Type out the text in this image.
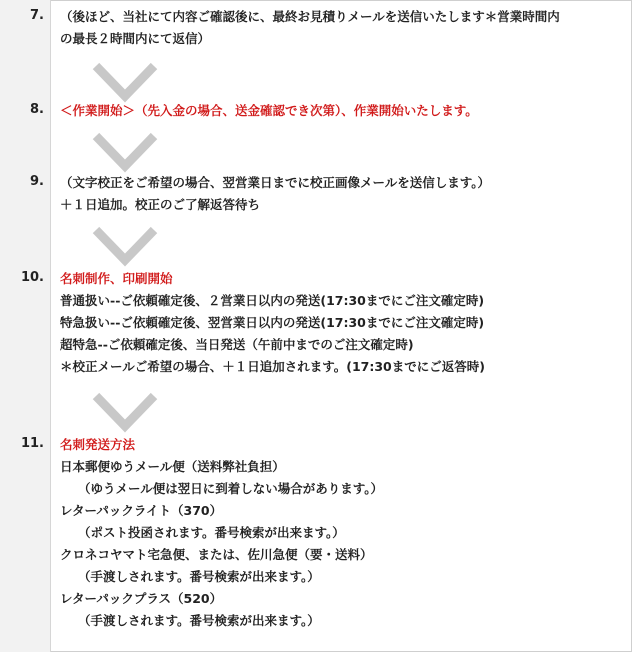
7. （後ほど、当社にて内容ご確認後に、最終お見積りメールを送信いたします＊営業時間内
の最長２時間内にて返信）
8. ＜作業開始＞（先入金の場合、送金確認でき次第）、作業開始いたします。
9. （文字校正をご希望の場合、翌営業日までに校正画像メールを送信します。）
＋１日追加。校正のご了解返答待ち
10. 名刺制作、印刷開始
普通扱い--ご依頼確定後、２営業日以内の発送(17:30までにご注文確定時)
特急扱い--ご依頼確定後、翌営業日以内の発送(17:30までにご注文確定時)
超特急--ご依頼確定後、当日発送（午前中までのご注文確定時)
＊校正メールご希望の場合、＋１日追加されます。(17:30までにご返答時)
11. 名刺発送方法
日本郵便ゆうメール便（送料弊社負担）
（ゆうメール便は翌日に到着しない場合があります。）
レターパックライト（370）
（ポスト投函されます。番号検索が出来ます。）
クロネコヤマト宅急便、または、佐川急便（要・送料）
（手渡しされます。番号検索が出来ます。）
レターパックプラス（520）
（手渡しされます。番号検索が出来ます。）
